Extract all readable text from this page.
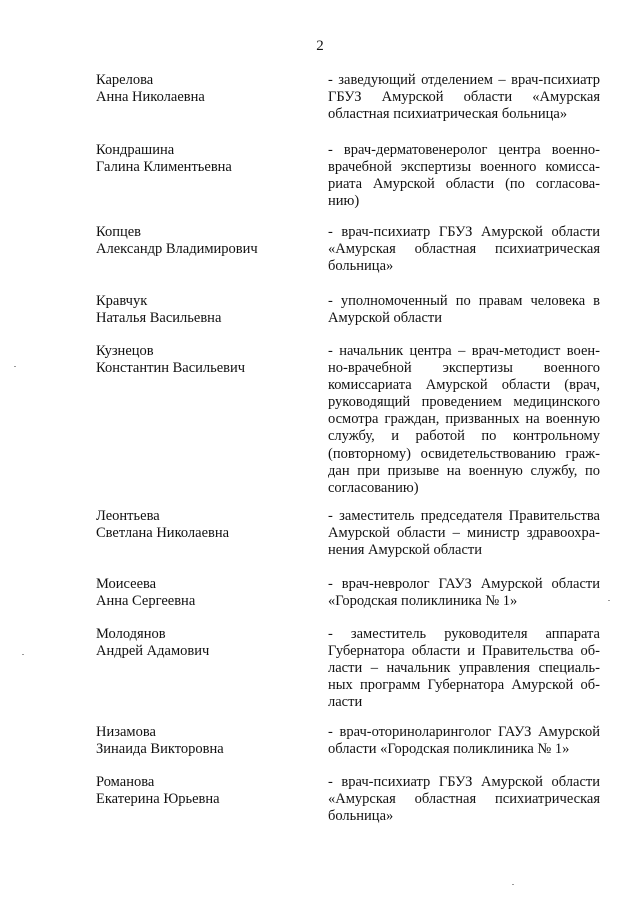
2
Карелова
Анна Николаевна
- заведующий отделением – врач-психиатр
ГБУЗ Амурской области «Амурская
областная психиатрическая больница»
Кондрашина
Галина Климентьевна
- врач-дерматовенеролог центра военно-
врачебной экспертизы военного комисса-
риата Амурской области (по согласова-
нию)
Копцев
Александр Владимирович
- врач-психиатр ГБУЗ Амурской области
«Амурская областная психиатрическая
больница»
Кравчук
Наталья Васильевна
- уполномоченный по правам человека в
Амурской области
Кузнецов
Константин Васильевич
- начальник центра – врач-методист воен-
но-врачебной экспертизы военного
комиссариата Амурской области (врач,
руководящий проведением медицинского
осмотра граждан, призванных на военную
службу, и работой по контрольному
(повторному) освидетельствованию граж-
дан при призыве на военную службу, по
согласованию)
Леонтьева
Светлана Николаевна
- заместитель председателя Правительства
Амурской области – министр здравоохра-
нения Амурской области
Моисеева
Анна Сергеевна
- врач-невролог ГАУЗ Амурской области
«Городская поликлиника № 1»
Молодянов
Андрей Адамович
- заместитель руководителя аппарата
Губернатора области и Правительства об-
ласти – начальник управления специаль-
ных программ Губернатора Амурской об-
ласти
Низамова
Зинаида Викторовна
- врач-оториноларинголог ГАУЗ Амурской
области «Городская поликлиника № 1»
Романова
Екатерина Юрьевна
- врач-психиатр ГБУЗ Амурской области
«Амурская областная психиатрическая
больница»
